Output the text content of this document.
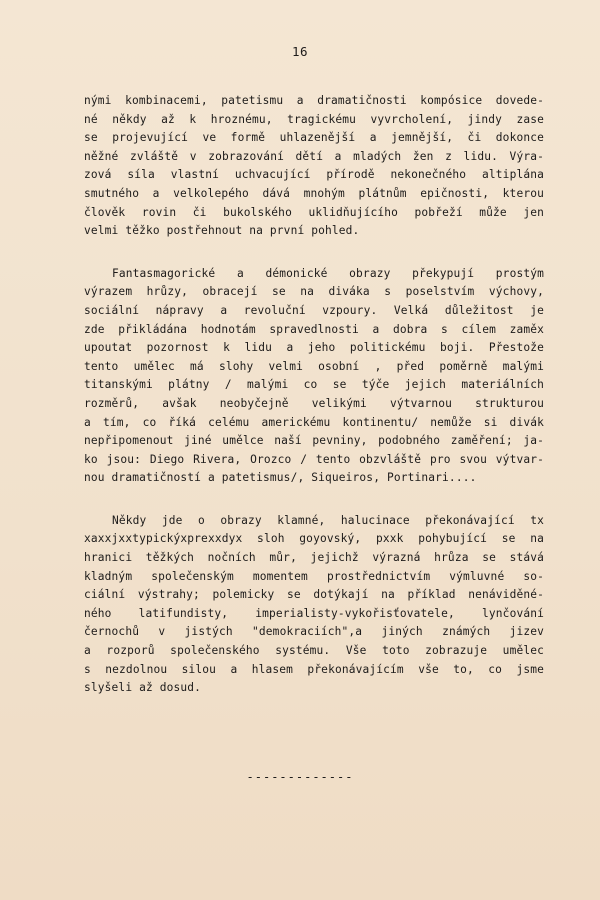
16
nými kombinacemi, patetismu a dramatičnosti kompósice dovede-
né někdy až k hroznému, tragickému vyvrcholení, jindy zase
se projevující ve formě uhlazenější a jemnější, či dokonce
něžné zvláště v zobrazování dětí a mladých žen z lidu. Výra-
zová síla vlastní uchvacující přírodě nekonečného altiplána
smutného a velkolepého dává mnohým plátnům epičnosti, kterou
člověk rovin či bukolského uklidňujícího pobřeží může jen
velmi těžko postřehnout na první pohled.
Fantasmagorické a démonické obrazy překypují prostým
výrazem hrůzy, obracejí se na diváka s poselstvím výchovy,
sociální nápravy a revoluční vzpoury. Velká důležitost je
zde přikládána hodnotám spravedlnosti a dobra s cílem zaměx
upoutat pozornost k lidu a jeho politickému boji. Přestože
tento umělec má slohy velmi osobní , před poměrně malými
titanskými plátny / malými co se týče jejich materiálních
rozměrů, avšak neobyčejně velikými výtvarnou strukturou
a tím, co říká celému americkému kontinentu/ nemůže si divák
nepřipomenout jiné umělce naší pevniny, podobného zaměření; ja-
ko jsou: Diego Rivera, Orozco / tento obzvláště pro svou výtvar-
nou dramatičností a patetismus/, Siqueiros, Portinari....
Někdy jde o obrazy klamné, halucinace překonávající tx
xaxxjxxtypickýxprexxdyx sloh goyovský, pxxk pohybující se na
hranici těžkých nočních můr, jejichž výrazná hrůza se stává
kladným společenským momentem prostřednictvím výmluvné so-
ciální výstrahy; polemicky se dotýkají na příklad nenáviděné-
ného latifundisty, imperialisty-vykořisťovatele, lynčování
černochů v jistých "demokraciích",a jiných známých jizev
a rozporů společenského systému. Vše toto zobrazuje umělec
s nezdolnou silou a hlasem překonávajícím vše to, co jsme
slyšeli až dosud.
-------------
